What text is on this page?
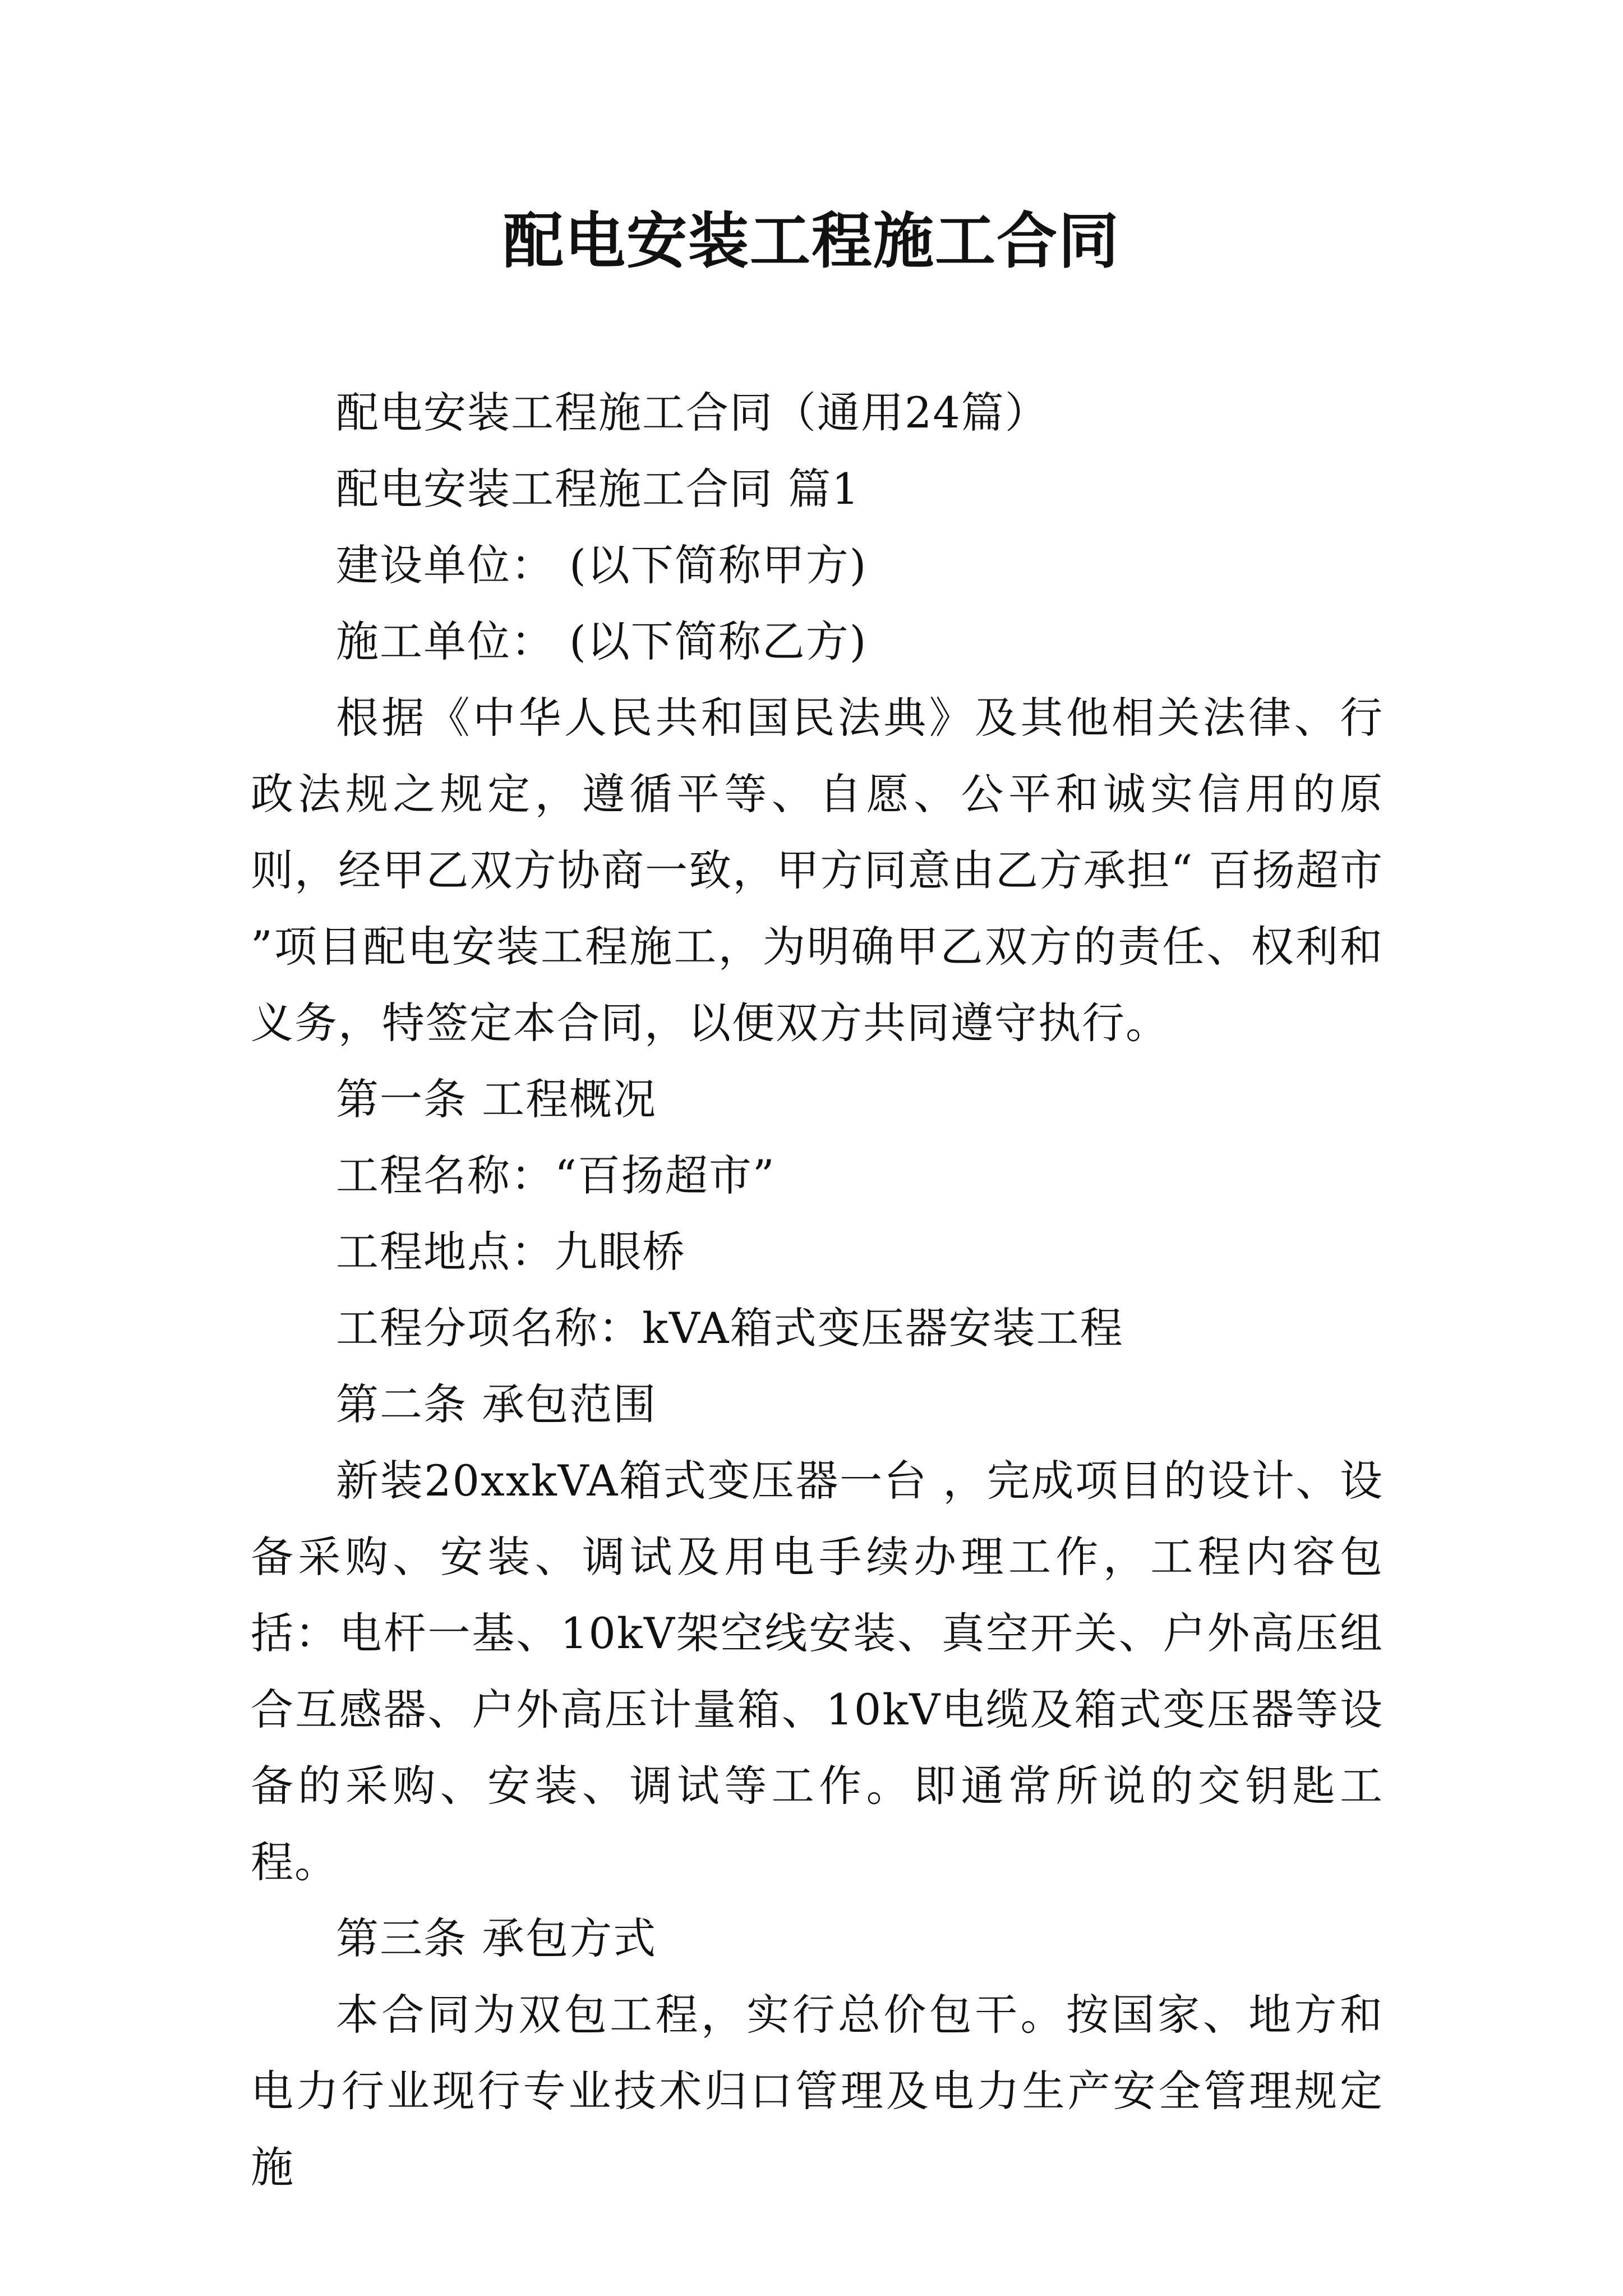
配电安装工程施工合同

配电安装工程施工合同（通用24篇）

配电安装工程施工合同 篇1

建设单位： (以下简称甲方)

施工单位： (以下简称乙方)

根据《中华人民共和国民法典》及其他相关法律、行政法规之规定，遵循平等、自愿、公平和诚实信用的原则，经甲乙双方协商一致，甲方同意由乙方承担“ 百扬超市 ”项目配电安装工程施工，为明确甲乙双方的责任、权利和义务，特签定本合同，以便双方共同遵守执行。

第一条 工程概况

工程名称：“百扬超市”

工程地点：九眼桥

工程分项名称：kVA箱式变压器安装工程

第二条 承包范围

新装20xxkVA箱式变压器一台 ，完成项目的设计、设备采购、安装、调试及用电手续办理工作，工程内容包括：电杆一基、10kV架空线安装、真空开关、户外高压组合互感器、户外高压计量箱、10kV电缆及箱式变压器等设备的采购、安装、调试等工作。即通常所说的交钥匙工程。

第三条 承包方式

本合同为双包工程，实行总价包干。按国家、地方和电力行业现行专业技术归口管理及电力生产安全管理规定施
